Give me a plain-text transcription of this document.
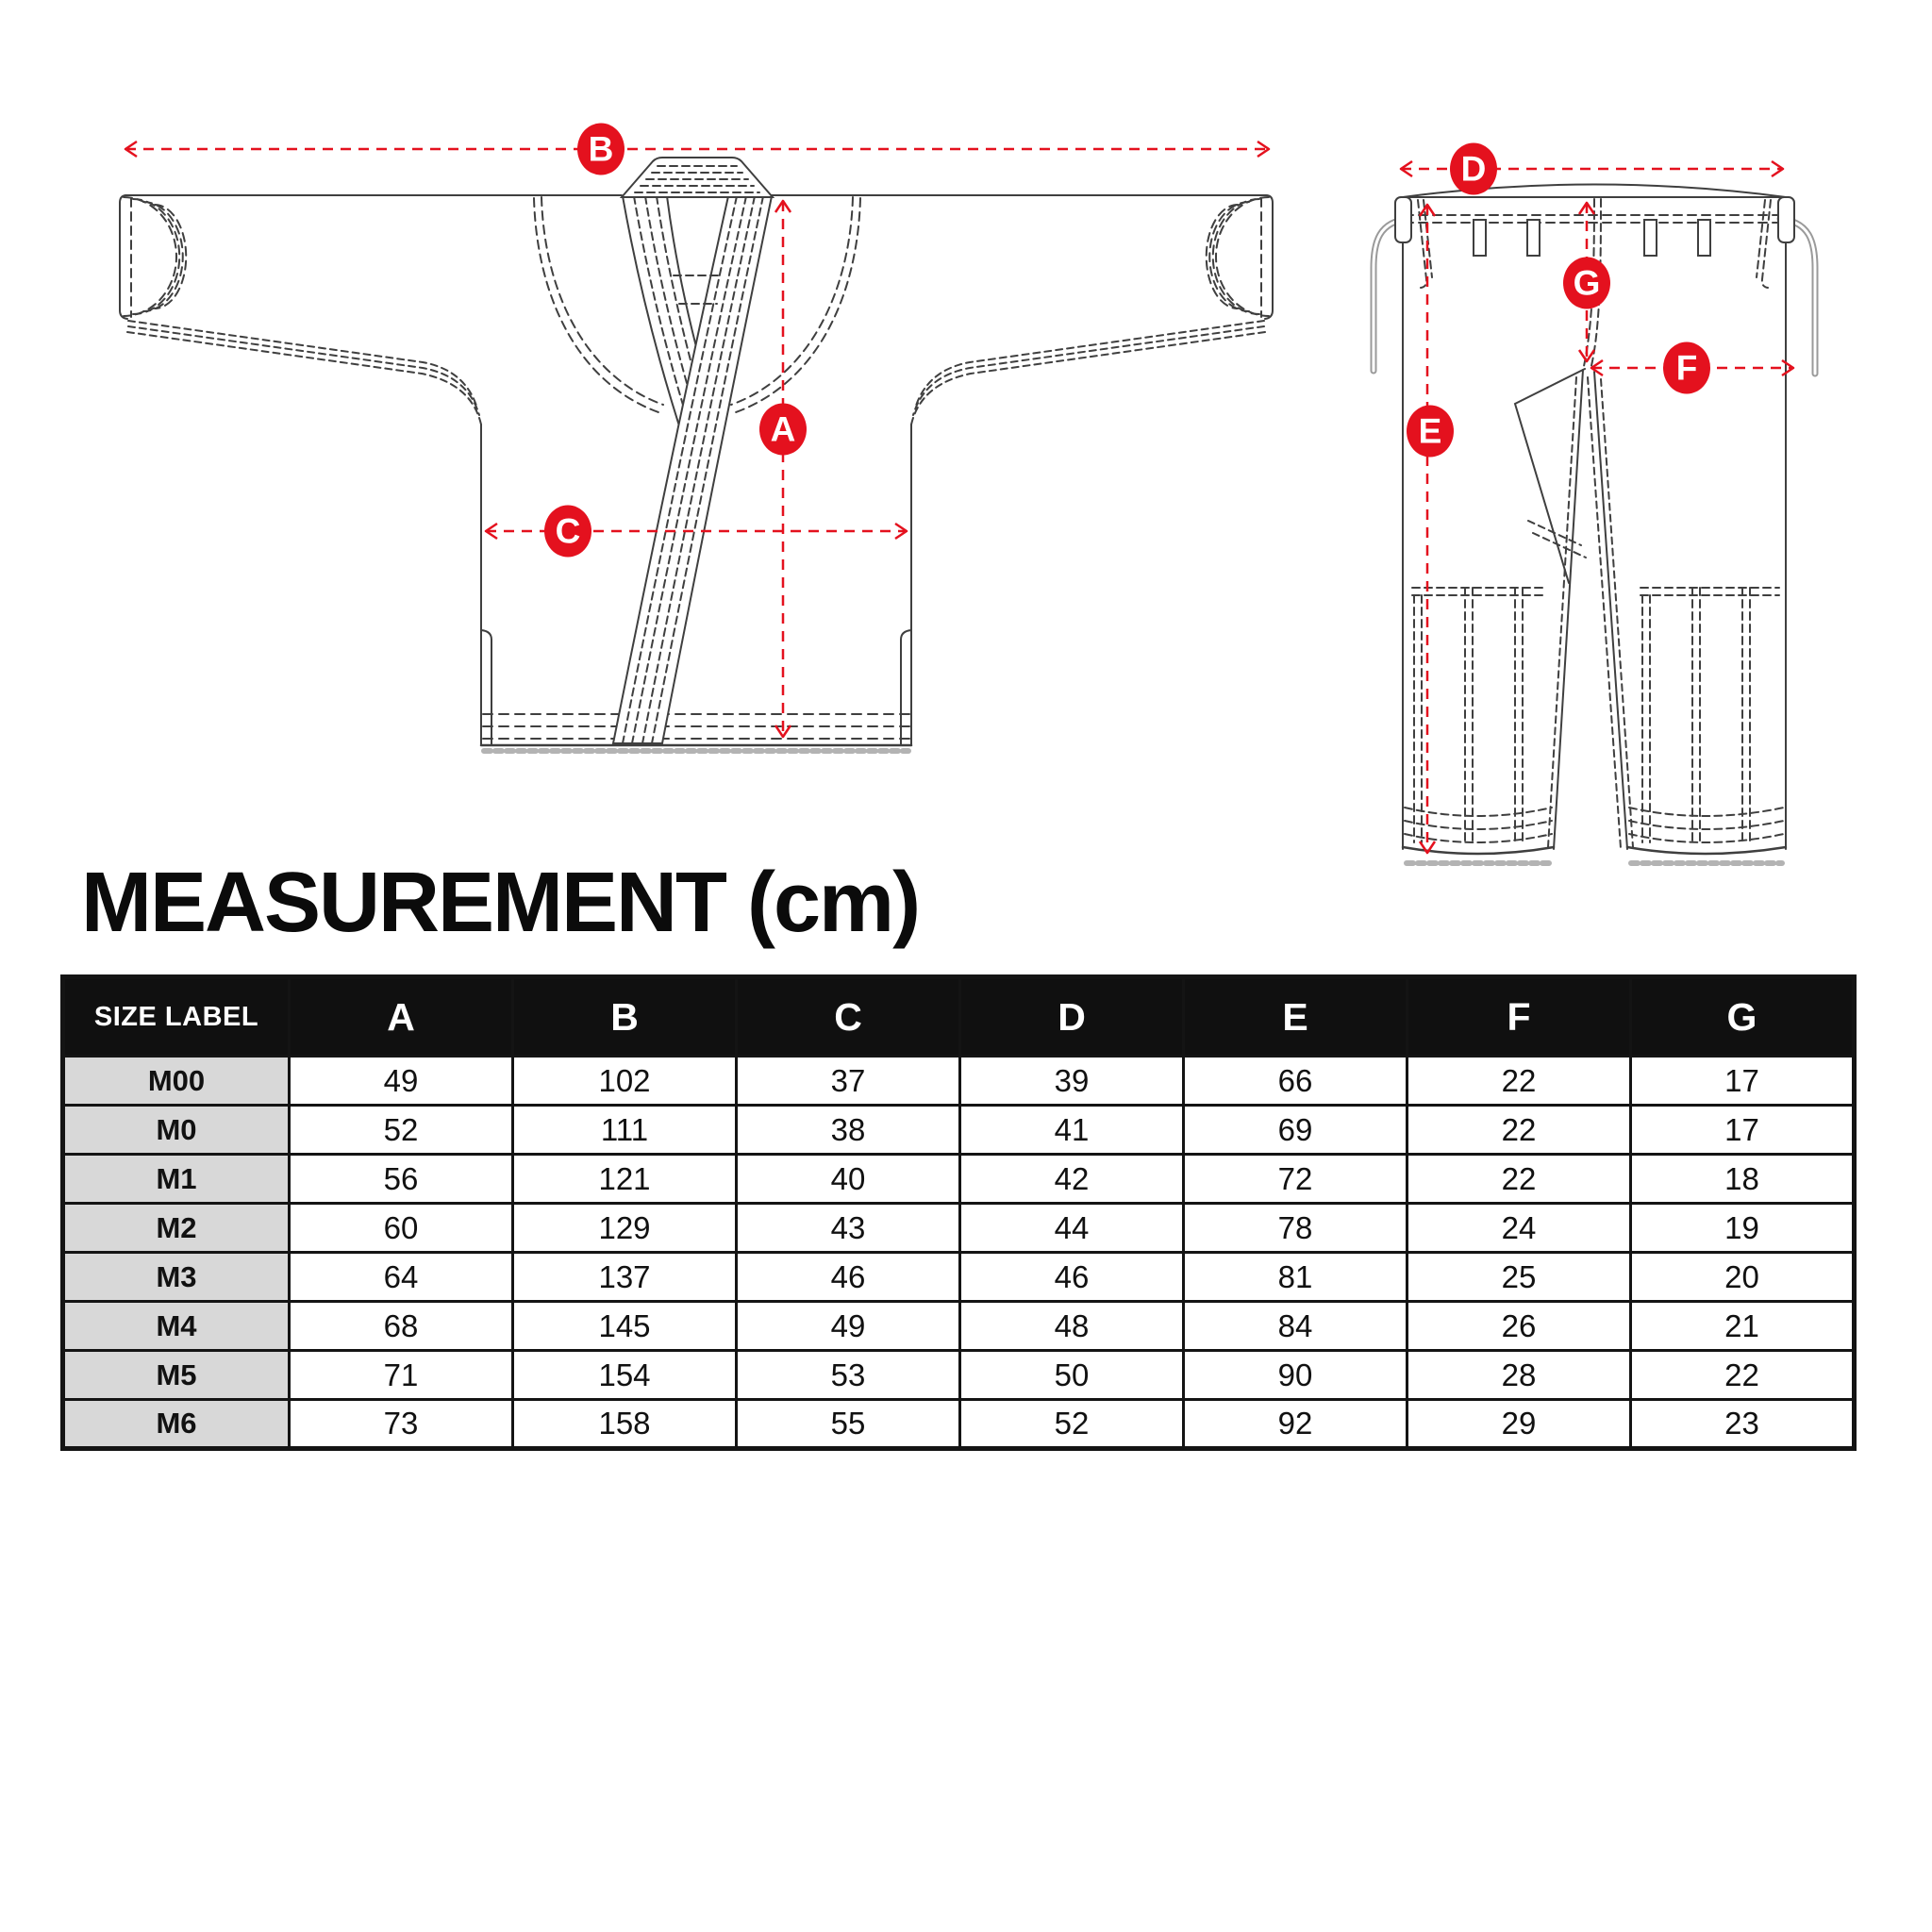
A
B
C
D
E
F
G
MEASUREMENT (cm)
SIZE LABEL	A	B	C	D	E	F	G
M00	49	102	37	39	66	22	17
M0	52	111	38	41	69	22	17
M1	56	121	40	42	72	22	18
M2	60	129	43	44	78	24	19
M3	64	137	46	46	81	25	20
M4	68	145	49	48	84	26	21
M5	71	154	53	50	90	28	22
M6	73	158	55	52	92	29	23
